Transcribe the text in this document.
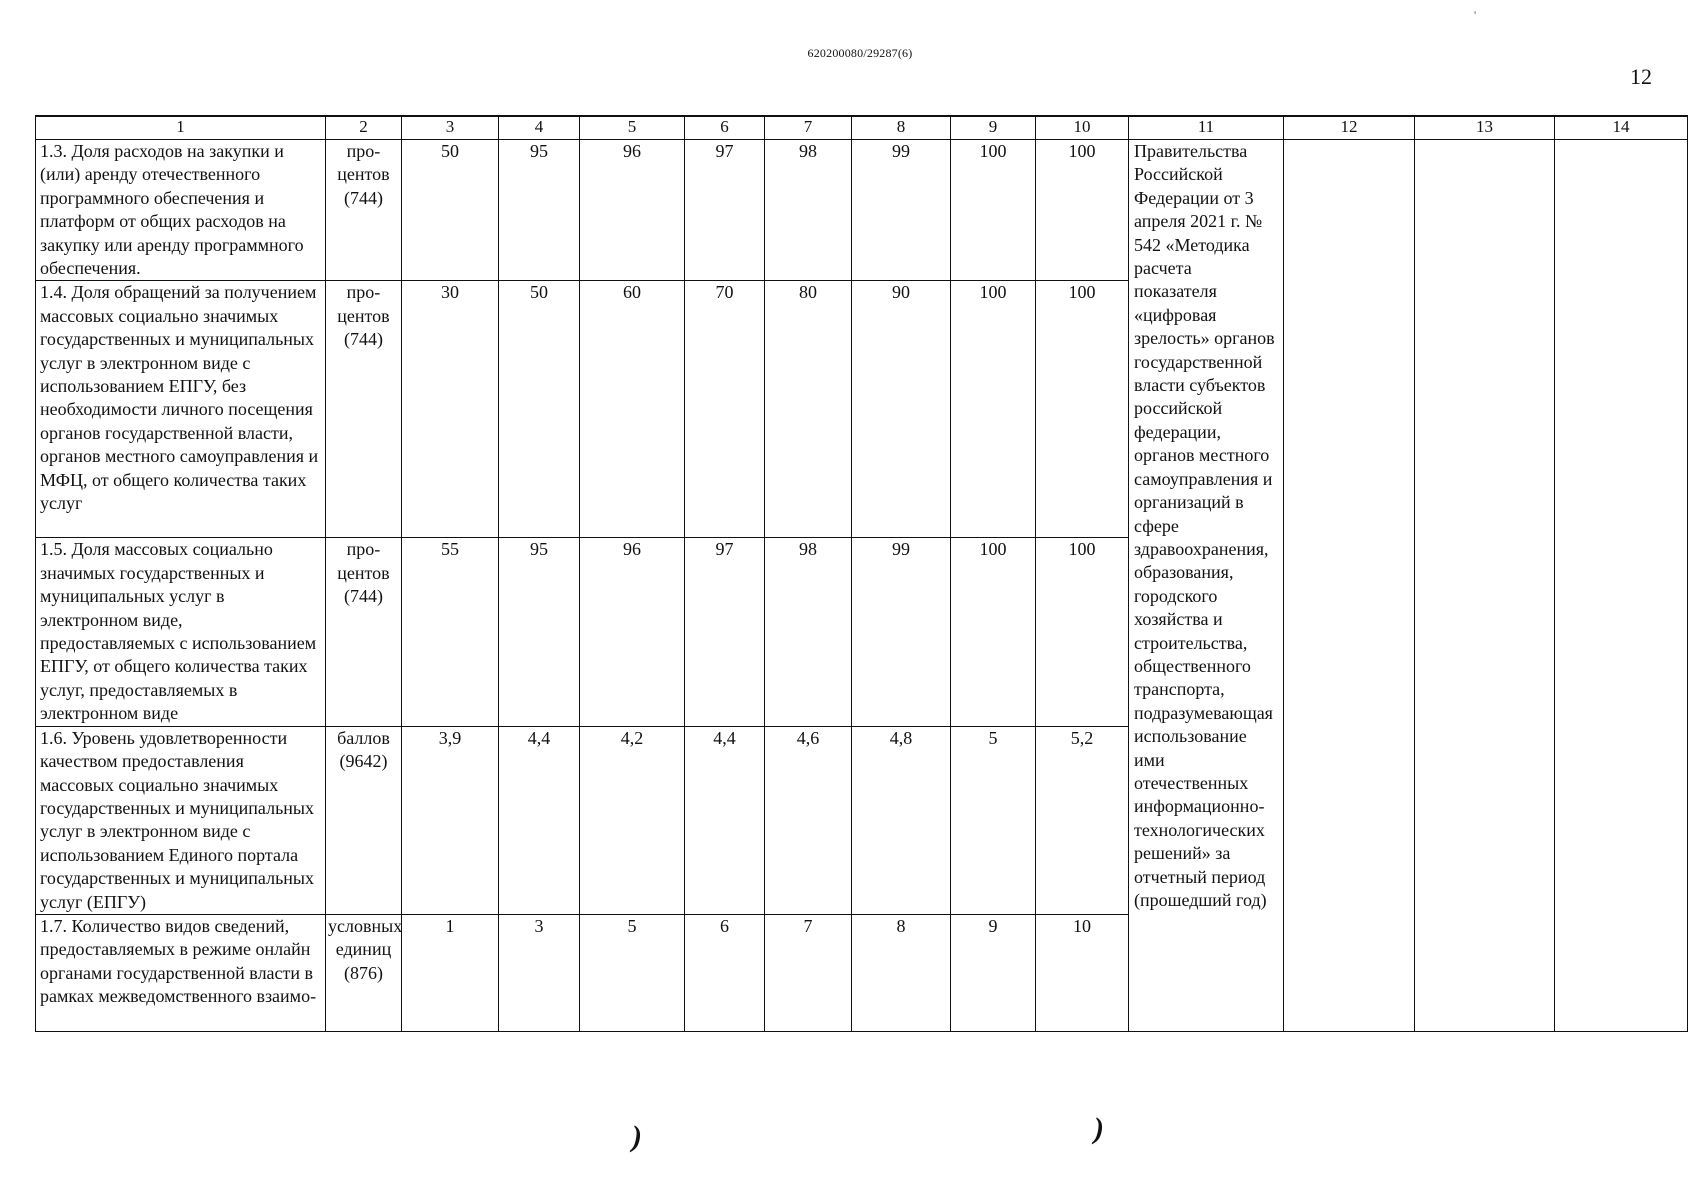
'
620200080/29287(6)
12
1	2	3	4	5	6	7	8	9	10	11	12	13	14
1.3. Доля расходов на закупки и (или) аренду отечественного программного обеспечения и платформ от общих расходов на закупку или аренду программного обеспечения.	про-центов (744)	50	95	96	97	98	99	100	100	Правительства Российской Федерации от 3 апреля 2021 г. № 542 «Методика расчета показателя «цифровая зрелость» органов государственной власти субъектов российской федерации, органов местного самоуправления и организаций в сфере здравоохранения, образования, городского хозяйства и строительства, общественного транспорта, подразумевающая использование ими отечественных информационно-технологических решений» за отчетный период (прошедший год)			
1.4. Доля обращений за получением массовых социально значимых государственных и муниципальных услуг в электронном виде с использованием ЕПГУ, без необходимости личного посещения органов государственной власти, органов местного самоуправления и МФЦ, от общего количества таких услуг	про-центов (744)	30	50	60	70	80	90	100	100				
1.5. Доля массовых социально значимых государственных и муниципальных услуг в электронном виде, предоставляемых с использованием ЕПГУ, от общего количества таких услуг, предоставляемых в электронном виде	про-центов (744)	55	95	96	97	98	99	100	100				
1.6. Уровень удовлетворенности качеством предоставления массовых социально значимых государственных и муниципальных услуг в электронном виде с использованием Единого портала государственных и муниципальных услуг (ЕПГУ)	баллов (9642)	3,9	4,4	4,2	4,4	4,6	4,8	5	5,2				
1.7. Количество видов сведений, предоставляемых в режиме онлайн органами государственной власти в рамках межведомственного взаимо-	условных единиц (876)	1	3	5	6	7	8	9	10				
)	)
